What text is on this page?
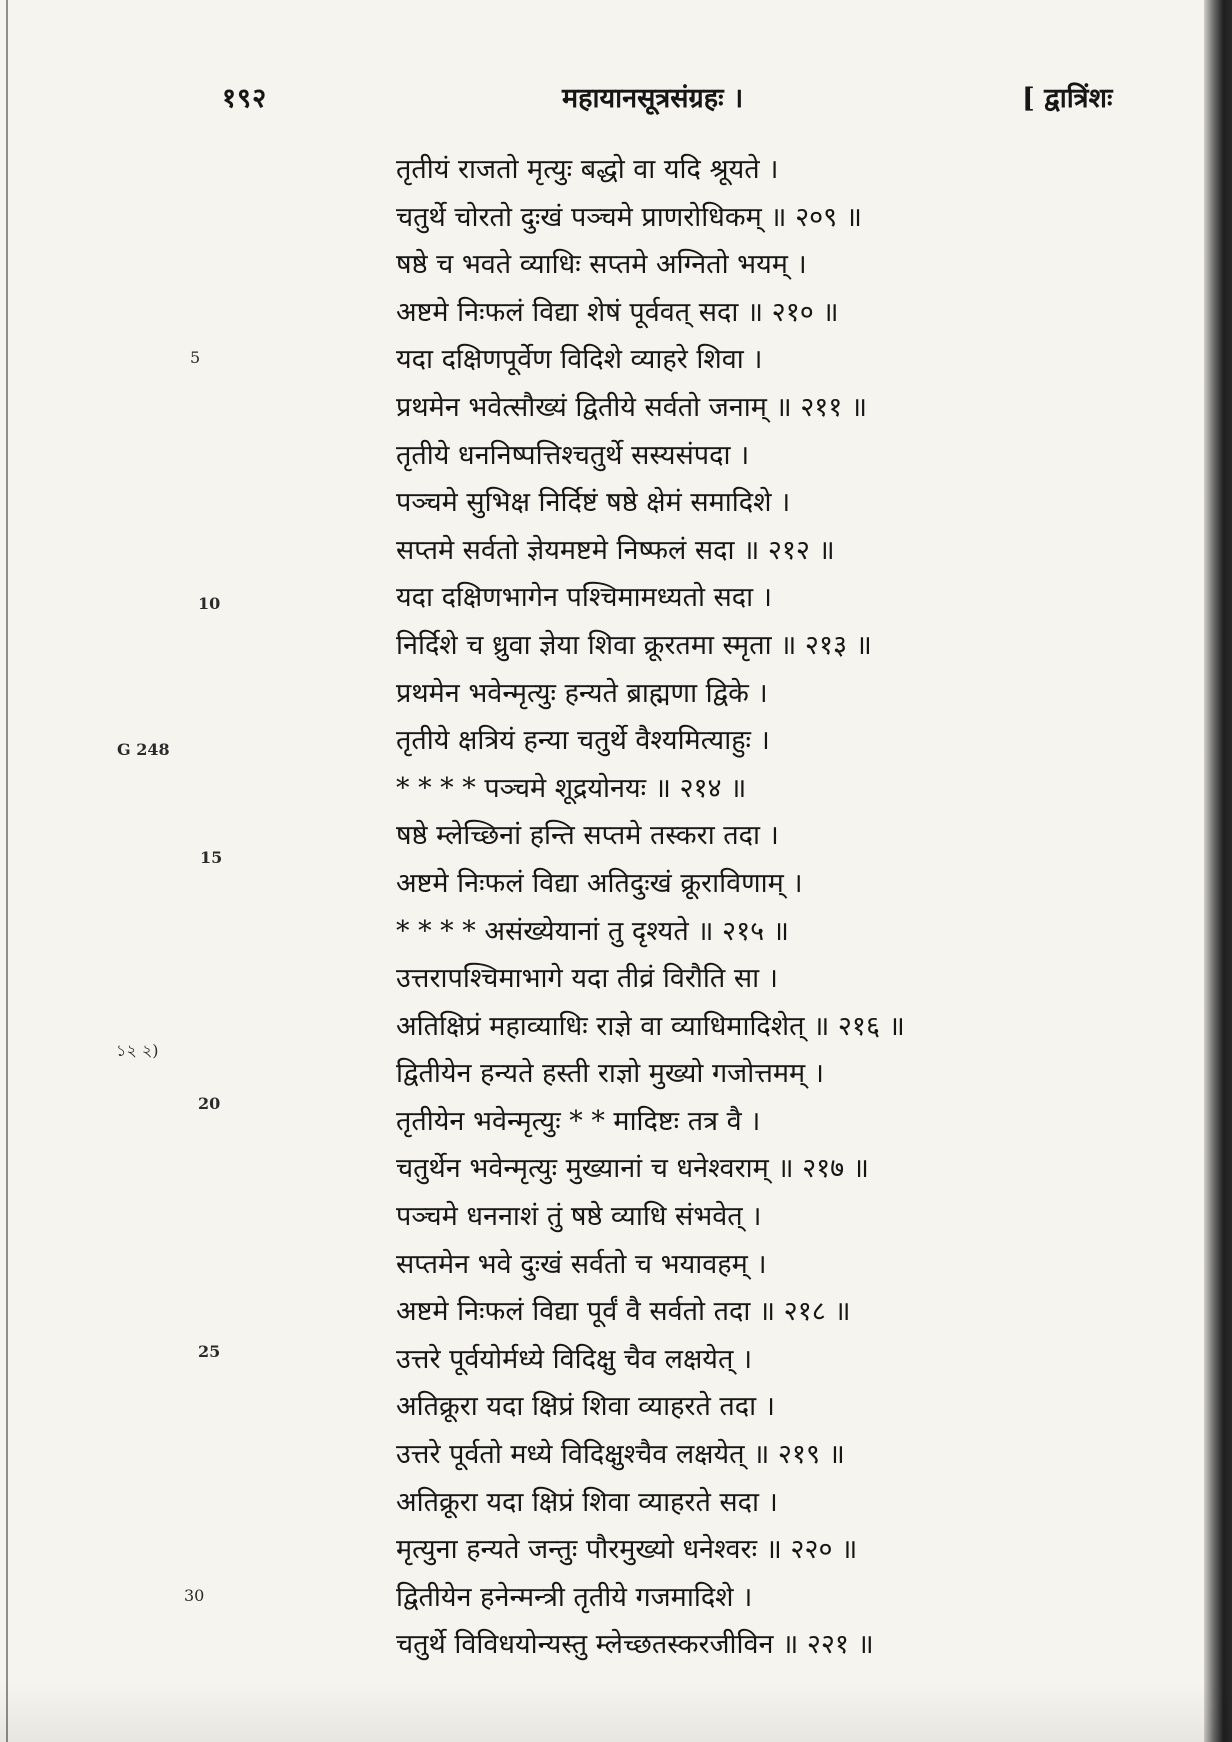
१९२	महायानसूत्रसंग्रहः ।	[ द्वात्रिंशः
5
10
G 248
15
১২ ২)
20
25
30
तृतीयं राजतो मृत्युः बद्धो वा यदि श्रूयते ।
चतुर्थे चोरतो दुःखं पञ्चमे प्राणरोधिकम् ॥ २०९ ॥
षष्ठे च भवते व्याधिः सप्तमे अग्नितो भयम् ।
अष्टमे निःफलं विद्या शेषं पूर्ववत् सदा ॥ २१० ॥
यदा दक्षिणपूर्वेण विदिशे व्याहरे शिवा ।
प्रथमेन भवेत्सौख्यं द्वितीये सर्वतो जनाम् ॥ २११ ॥
तृतीये धननिष्पत्तिश्चतुर्थे सस्यसंपदा ।
पञ्चमे सुभिक्ष निर्दिष्टं षष्ठे क्षेमं समादिशे ।
सप्तमे सर्वतो ज्ञेयमष्टमे निष्फलं सदा ॥ २१२ ॥
यदा दक्षिणभागेन पश्चिमामध्यतो सदा ।
निर्दिशे च ध्रुवा ज्ञेया शिवा क्रूरतमा स्मृता ॥ २१३ ॥
प्रथमेन भवेन्मृत्युः हन्यते ब्राह्मणा द्विके ।
तृतीये क्षत्रियं हन्या चतुर्थे वैश्यमित्याहुः ।
* * * * पञ्चमे शूद्रयोनयः ॥ २१४ ॥
षष्ठे म्लेच्छिनां हन्ति सप्तमे तस्करा तदा ।
अष्टमे निःफलं विद्या अतिदुःखं क्रूराविणाम् ।
* * * * असंख्येयानां तु दृश्यते ॥ २१५ ॥
उत्तरापश्चिमाभागे यदा तीव्रं विरौति सा ।
अतिक्षिप्रं महाव्याधिः राज्ञे वा व्याधिमादिशेत् ॥ २१६ ॥
द्वितीयेन हन्यते हस्ती राज्ञो मुख्यो गजोत्तमम् ।
तृतीयेन भवेन्मृत्युः * * मादिष्टः तत्र वै ।
चतुर्थेन भवेन्मृत्युः मुख्यानां च धनेश्वराम् ॥ २१७ ॥
पञ्चमे धननाशं तुं षष्ठे व्याधि संभवेत् ।
सप्तमेन भवे दुःखं सर्वतो च भयावहम् ।
अष्टमे निःफलं विद्या पूर्वं वै सर्वतो तदा ॥ २१८ ॥
उत्तरे पूर्वयोर्मध्ये विदिक्षु चैव लक्षयेत् ।
अतिक्रूरा यदा क्षिप्रं शिवा व्याहरते तदा ।
उत्तरे पूर्वतो मध्ये विदिक्षुश्चैव लक्षयेत् ॥ २१९ ॥
अतिक्रूरा यदा क्षिप्रं शिवा व्याहरते सदा ।
मृत्युना हन्यते जन्तुः पौरमुख्यो धनेश्वरः ॥ २२० ॥
द्वितीयेन हनेन्मन्त्री तृतीये गजमादिशे ।
चतुर्थे विविधयोन्यस्तु म्लेच्छतस्करजीविन ॥ २२१ ॥
